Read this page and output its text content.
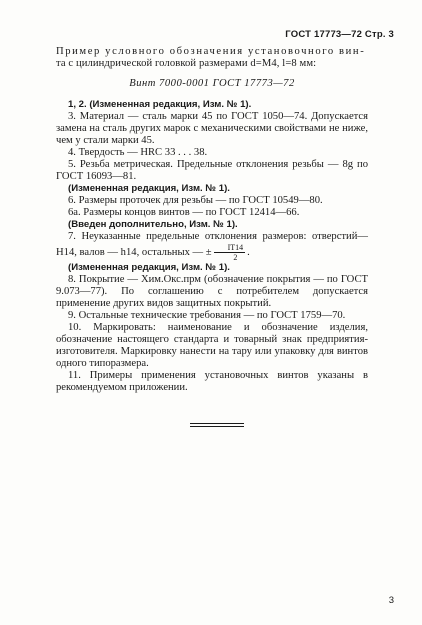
ГОСТ 17773—72 Стр. 3

Пример условного обозначения установочного вин-
та с цилиндрической головкой размерами d=M4, l=8 мм:

Винт 7000-0001 ГОСТ 17773—72

1, 2. (Измененная редакция, Изм. № 1).

3. Материал — сталь марки 45 по ГОСТ 1050—74. Допускается замена на сталь других марок с механическими свойствами не ниже, чем у стали марки 45.

4. Твердость — HRC 33 . . . 38.

5. Резьба метрическая. Предельные отклонения резьбы — 8g по ГОСТ 16093—81.

(Измененная редакция, Изм. № 1).

6. Размеры проточек для резьбы — по ГОСТ 10549—80.

6а. Размеры концов винтов — по ГОСТ 12414—66.

(Введен дополнительно, Изм. № 1).

7. Неуказанные предельные отклонения размеров: отверстий— H14, валов — h14, остальных — ± $\frac{IT14}{2}$ .

(Измененная редакция, Изм. № 1).

8. Покрытие — Хим.Окс.прм (обозначение покрытия — по ГОСТ 9.073—77). По соглашению с потребителем допускается применение других видов защитных покрытий.

9. Остальные технические требования — по ГОСТ 1759—70.

10. Маркировать: наименование и обозначение изделия, обозначение настоящего стандарта и товарный знак предприятия-изготовителя. Маркировку нанести на тару или упаковку для винтов одного типоразмера.

11. Примеры применения установочных винтов указаны в рекомендуемом приложении.

3
